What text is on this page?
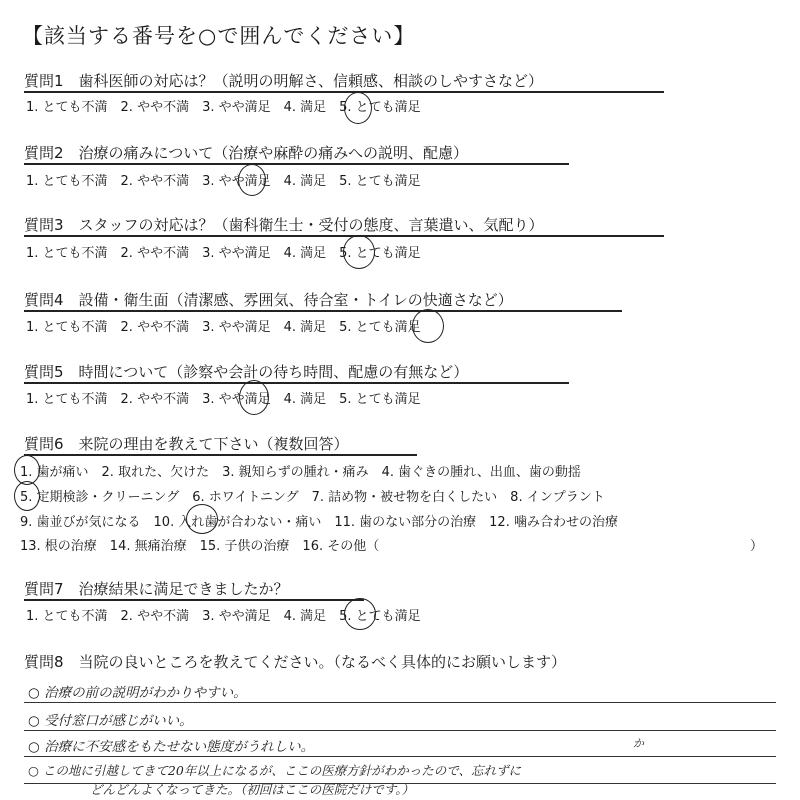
【該当する番号を○で囲んでください】
質問1　歯科医師の対応は？（説明の明解さ、信頼感、相談のしやすさなど）
1. とても不満　2. やや不満　3. やや満足　4. 満足　5. とても満足
質問2　治療の痛みについて（治療や麻酔の痛みへの説明、配慮）
1. とても不満　2. やや不満　3. やや満足　4. 満足　5. とても満足
質問3　スタッフの対応は？（歯科衛生士・受付の態度、言葉遣い、気配り）
1. とても不満　2. やや不満　3. やや満足　4. 満足　5. とても満足
質問4　設備・衛生面（清潔感、雰囲気、待合室・トイレの快適さなど）
1. とても不満　2. やや不満　3. やや満足　4. 満足　5. とても満足
質問5　時間について（診察や会計の待ち時間、配慮の有無など）
1. とても不満　2. やや不満　3. やや満足　4. 満足　5. とても満足
質問6　来院の理由を教えて下さい（複数回答）
1. 歯が痛い　2. 取れた、欠けた　3. 親知らずの腫れ・痛み　4. 歯ぐきの腫れ、出血、歯の動揺
5. 定期検診・クリーニング　6. ホワイトニング　7. 詰め物・被せ物を白くしたい　8. インプラント
9. 歯並びが気になる　10. 入れ歯が合わない・痛い　11. 歯のない部分の治療　12. 噛み合わせの治療
13. 根の治療　14. 無痛治療　15. 子供の治療　16. その他（	）
質問7　治療結果に満足できましたか？
1. とても不満　2. やや不満　3. やや満足　4. 満足　5. とても満足
質問8　当院の良いところを教えてください。（なるべく具体的にお願いします）
○ 治療の前の説明がわかりやすい。
○ 受付窓口が感じがいい。
○ 治療に不安感をもたせない態度がうれしい。
○ この地に引越してきて20年以上になるが、ここの医療方針がわかったので、忘れずに
どんどんよくなってきた。（初回はここの医院だけです。）
か
